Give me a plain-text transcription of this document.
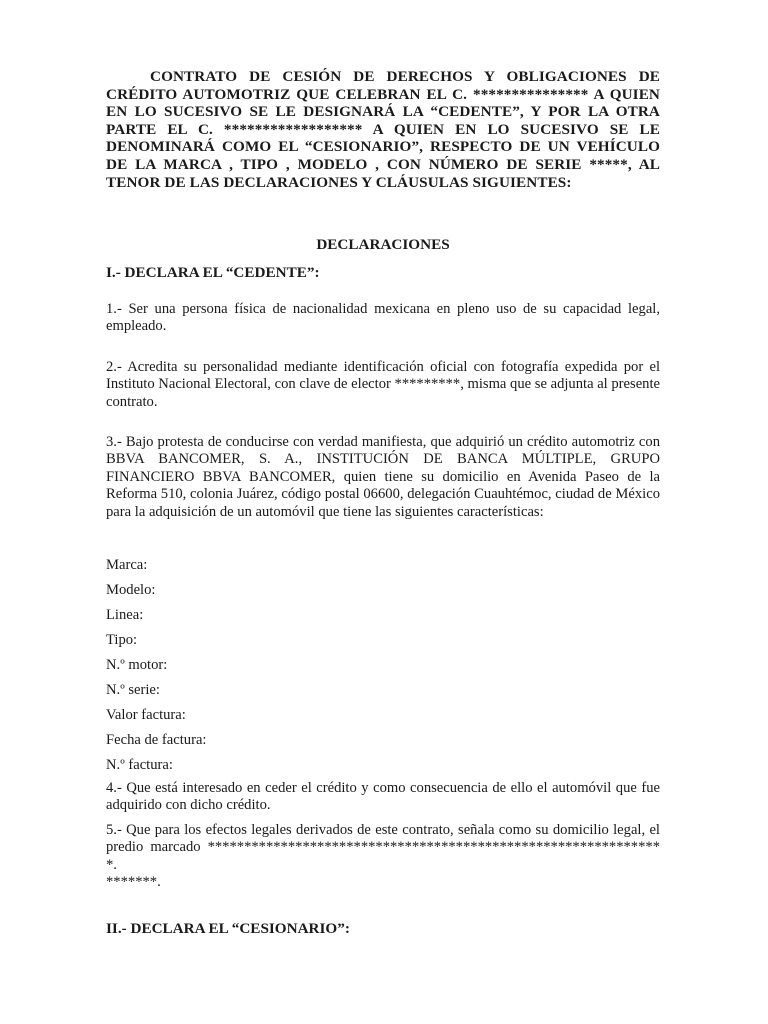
CONTRATO DE CESIÓN DE DERECHOS Y OBLIGACIONES DE CRÉDITO AUTOMOTRIZ QUE CELEBRAN EL C. *************** A QUIEN EN LO SUCESIVO SE LE DESIGNARÁ LA “CEDENTE”, Y POR LA OTRA PARTE EL C. ****************** A QUIEN EN LO SUCESIVO SE LE DENOMINARÁ COMO EL “CESIONARIO”, RESPECTO DE UN VEHÍCULO DE LA MARCA , TIPO , MODELO , CON NÚMERO DE SERIE *****, AL TENOR DE LAS DECLARACIONES Y CLÁUSULAS SIGUIENTES:

DECLARACIONES

I.- DECLARA EL “CEDENTE”:

1.- Ser una persona física de nacionalidad mexicana en pleno uso de su capacidad legal, empleado.

2.- Acredita su personalidad mediante identificación oficial con fotografía expedida por el Instituto Nacional Electoral, con clave de elector *********, misma que se adjunta al presente contrato.

3.- Bajo protesta de conducirse con verdad manifiesta, que adquirió un crédito automotriz con BBVA BANCOMER, S. A., INSTITUCIÓN DE BANCA MÚLTIPLE, GRUPO FINANCIERO BBVA BANCOMER, quien tiene su domicilio en Avenida Paseo de la Reforma 510, colonia Juárez, código postal 06600, delegación Cuauhtémoc, ciudad de México para la adquisición de un automóvil que tiene las siguientes características:

Marca:

Modelo:

Linea:

Tipo:

N.º motor:

N.º serie:

Valor factura:

Fecha de factura:

N.º factura:

4.- Que está interesado en ceder el crédito y como consecuencia de ello el automóvil que fue adquirido con dicho crédito.

5.- Que para los efectos legales derivados de este contrato, señala como su domicilio legal, el predio marcado ***************************************************************.

*******.

II.- DECLARA EL “CESIONARIO”:
